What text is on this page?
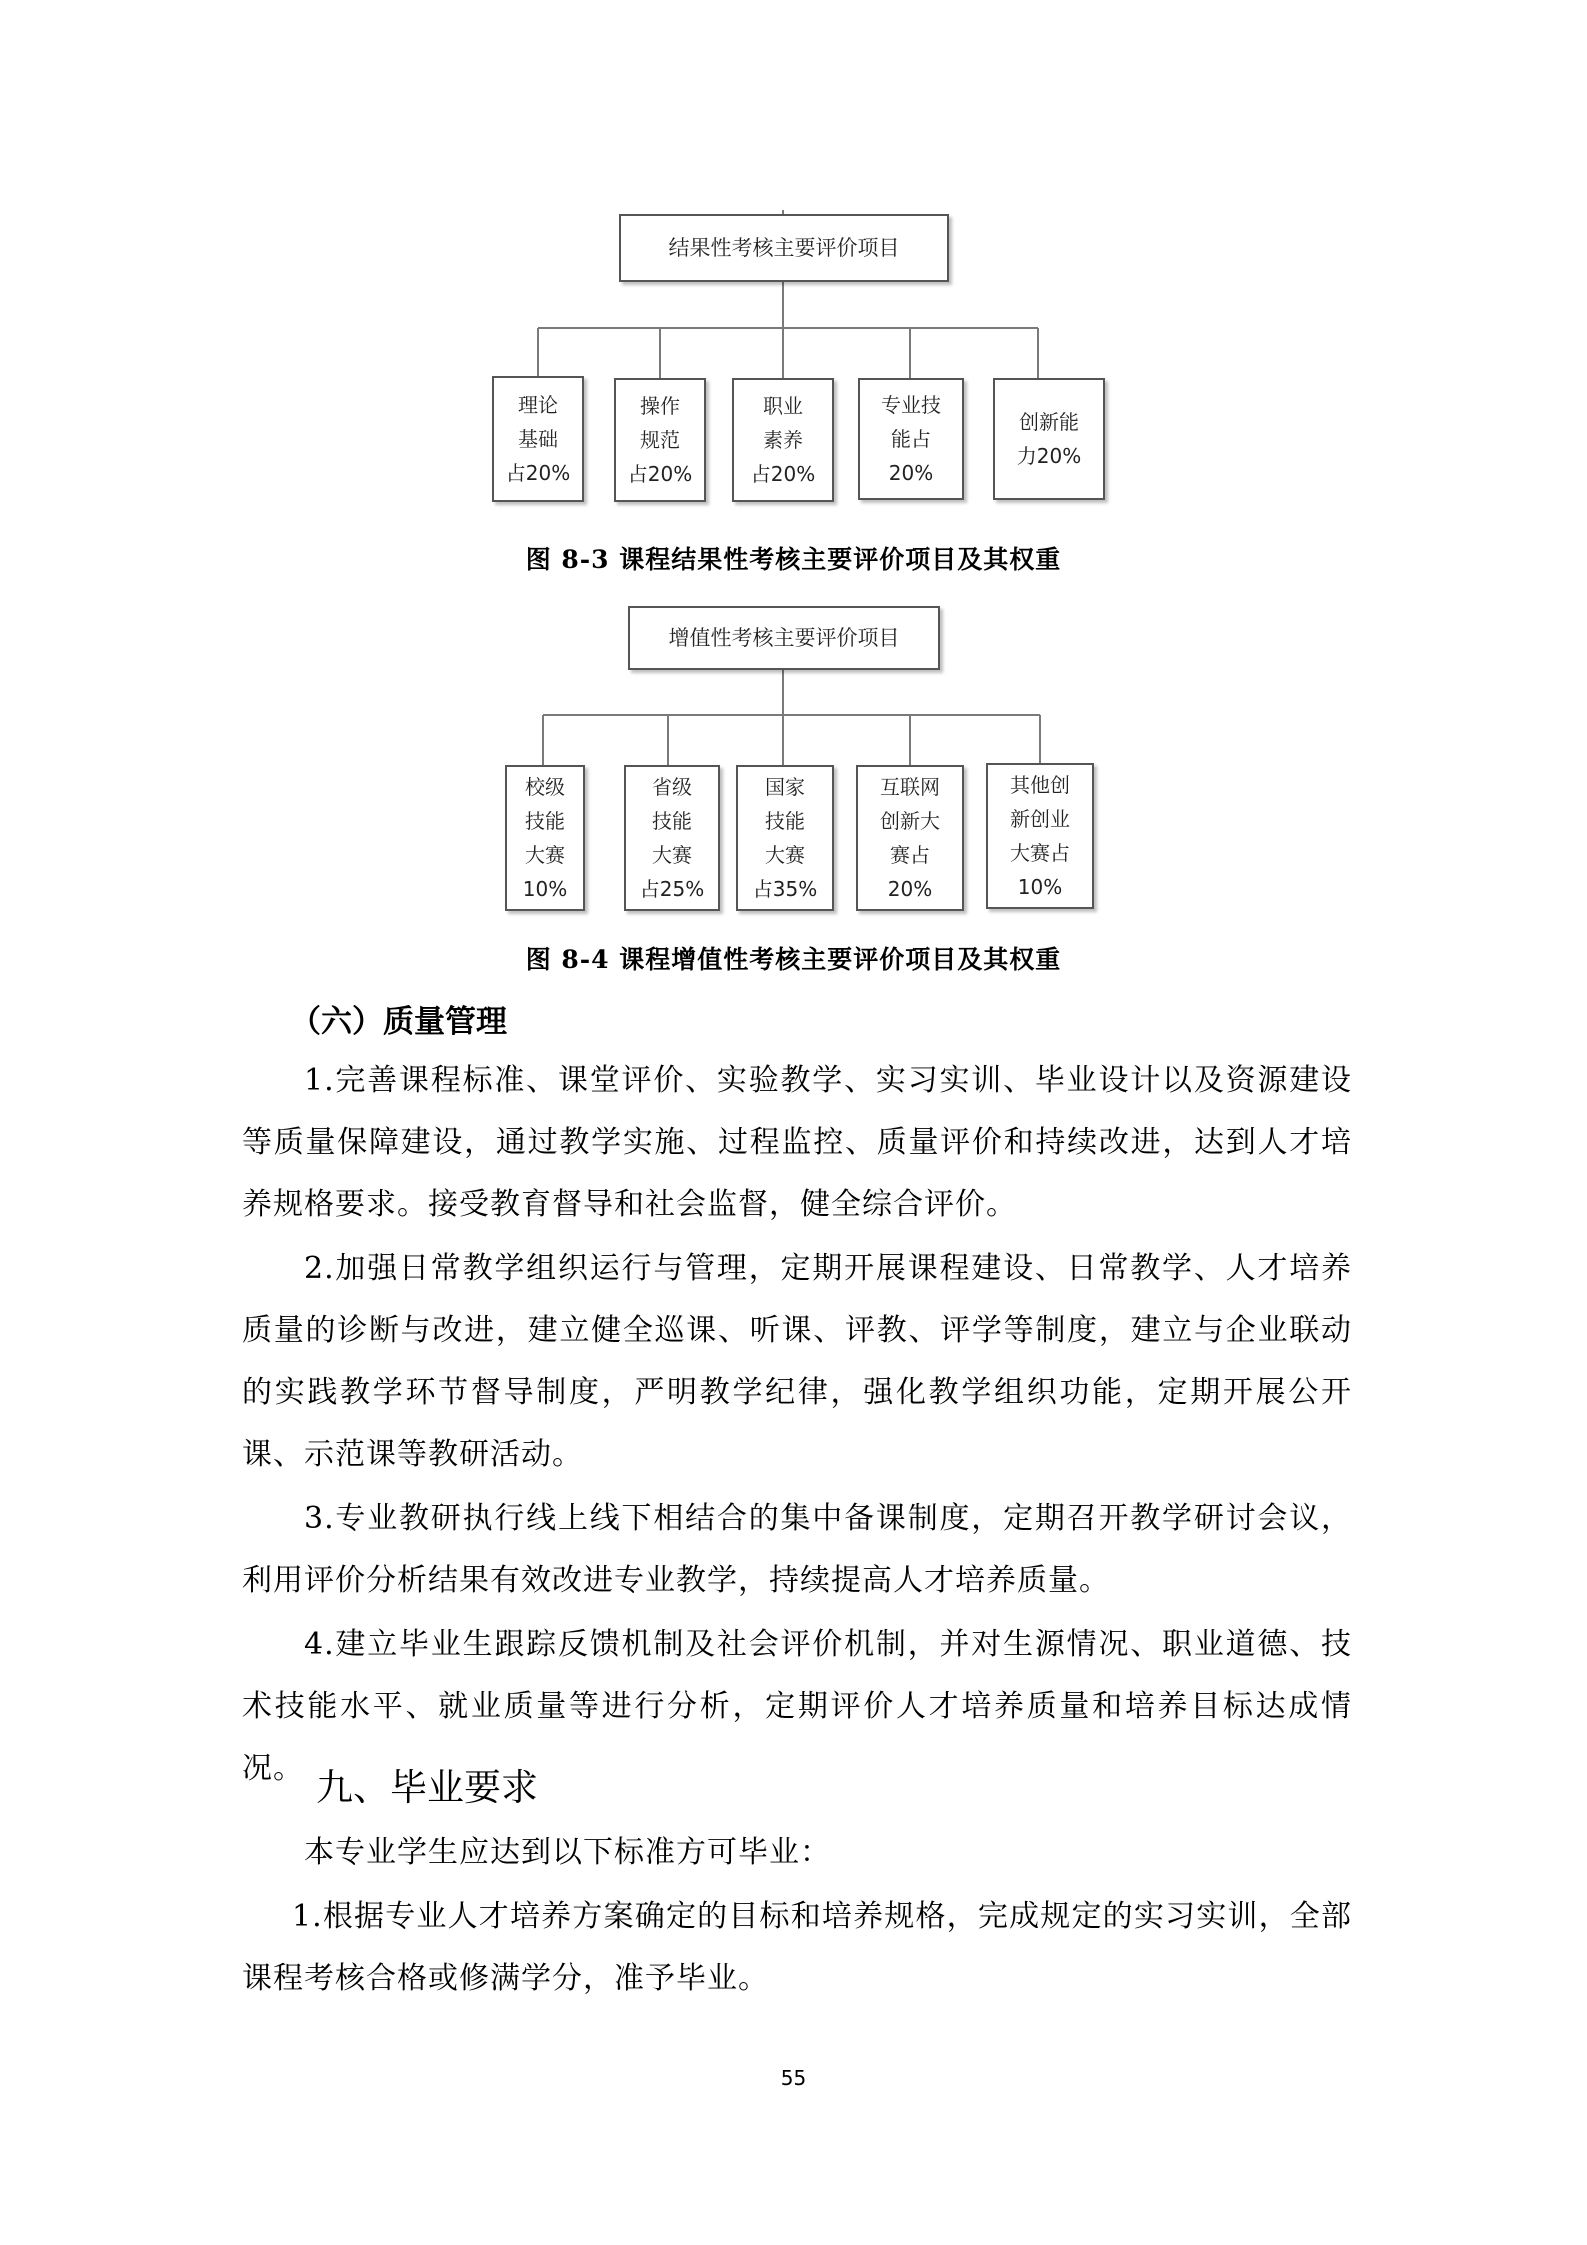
结果性考核主要评价项目
理论
基础
占20%
操作
规范
占20%
职业
素养
占20%
专业技
能占
20%
创新能
力20%
图 8-3 课程结果性考核主要评价项目及其权重
增值性考核主要评价项目
校级
技能
大赛
10%
省级
技能
大赛
占25%
国家
技能
大赛
占35%
互联网
创新大
赛占
20%
其他创
新创业
大赛占
10%
图 8-4 课程增值性考核主要评价项目及其权重
（六）质量管理
1.完善课程标准、课堂评价、实验教学、实习实训、毕业设计以及资源建设等质量保障建设，通过教学实施、过程监控、质量评价和持续改进，达到人才培养规格要求。接受教育督导和社会监督，健全综合评价。
2.加强日常教学组织运行与管理，定期开展课程建设、日常教学、人才培养质量的诊断与改进，建立健全巡课、听课、评教、评学等制度，建立与企业联动的实践教学环节督导制度，严明教学纪律，强化教学组织功能，定期开展公开课、示范课等教研活动。
3.专业教研执行线上线下相结合的集中备课制度，定期召开教学研讨会议，利用评价分析结果有效改进专业教学，持续提高人才培养质量。
4.建立毕业生跟踪反馈机制及社会评价机制，并对生源情况、职业道德、技术技能水平、就业质量等进行分析，定期评价人才培养质量和培养目标达成情况。 九、毕业要求
本专业学生应达到以下标准方可毕业：
1.根据专业人才培养方案确定的目标和培养规格，完成规定的实习实训，全部课程考核合格或修满学分，准予毕业。
55
